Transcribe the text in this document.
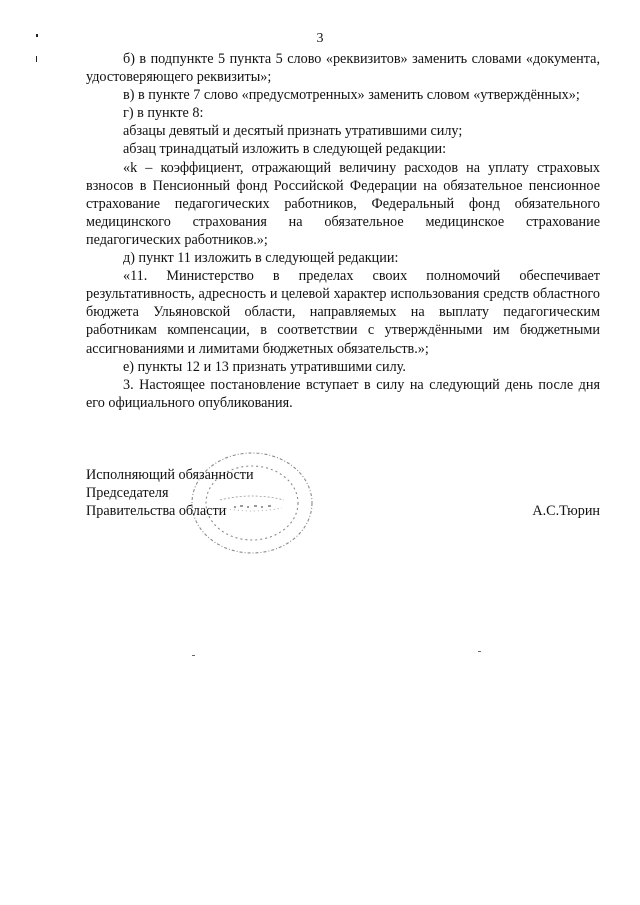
3

б) в подпункте 5 пункта 5 слово «реквизитов» заменить словами «документа, удостоверяющего реквизиты»;

в) в пункте 7 слово «предусмотренных» заменить словом «утверждённых»;

г) в пункте 8:

абзацы девятый и десятый признать утратившими силу;

абзац тринадцатый изложить в следующей редакции:

«k – коэффициент, отражающий величину расходов на уплату страховых взносов в Пенсионный фонд Российской Федерации на обязательное пенсионное страхование педагогических работников, Федеральный фонд обязательного медицинского страхования на обязательное медицинское страхование педагогических работников.»;

д) пункт 11 изложить в следующей редакции:

«11. Министерство в пределах своих полномочий обеспечивает результативность, адресность и целевой характер использования средств областного бюджета Ульяновской области, направляемых на выплату педагогическим работникам компенсации, в соответствии с утверждёнными им бюджетными ассигнованиями и лимитами бюджетных обязательств.»;

е) пункты 12 и 13 признать утратившими силу.

3. Настоящее постановление вступает в силу на следующий день после дня его официального опубликования.

Исполняющий обязанности
Председателя
Правительства области	А.С.Тюрин
